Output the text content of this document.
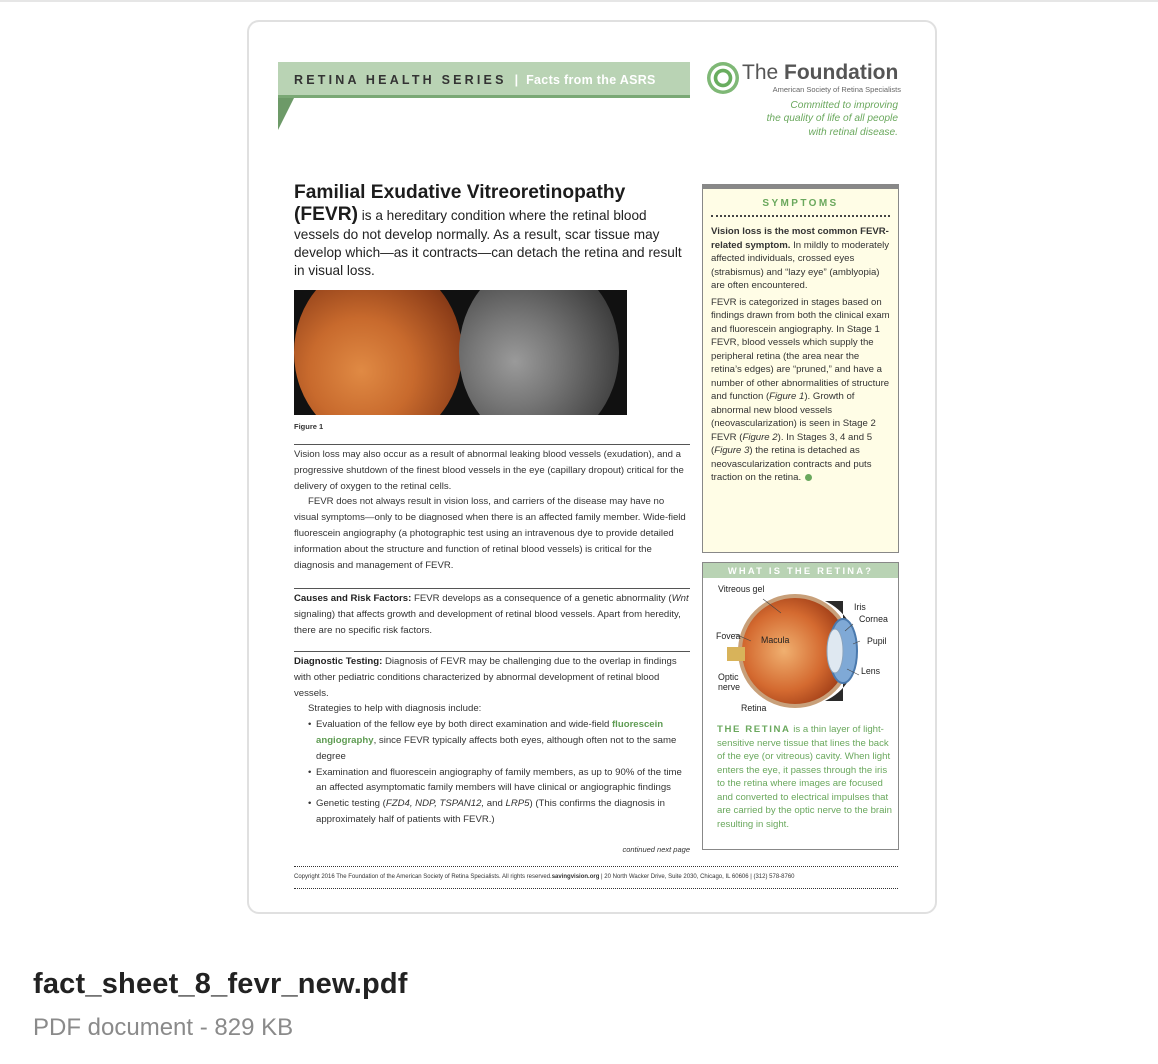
RETINA HEALTH SERIES | Facts from the ASRS	The Foundation
American Society of Retina Specialists
Committed to improving
the quality of life of all people
with retinal disease.

Familial Exudative Vitreoretinopathy
(FEVR) is a hereditary condition where the retinal blood vessels do not develop normally. As a result, scar tissue may develop which—as it contracts—can detach the retina and result in visual loss.

Figure 1

Vision loss may also occur as a result of abnormal leaking blood vessels (exudation), and a progressive shutdown of the finest blood vessels in the eye (capillary dropout) critical for the delivery of oxygen to the retinal cells.

FEVR does not always result in vision loss, and carriers of the disease may have no visual symptoms—only to be diagnosed when there is an affected family member. Wide-field fluorescein angiography (a photographic test using an intravenous dye to provide detailed information about the structure and function of retinal blood vessels) is critical for the diagnosis and management of FEVR.

Causes and Risk Factors: FEVR develops as a consequence of a genetic abnormality (Wnt signaling) that affects growth and development of retinal blood vessels. Apart from heredity, there are no specific risk factors.

Diagnostic Testing: Diagnosis of FEVR may be challenging due to the overlap in findings with other pediatric conditions characterized by abnormal development of retinal blood vessels.

Strategies to help with diagnosis include:

• Evaluation of the fellow eye by both direct examination and wide-field fluorescein angiography, since FEVR typically affects both eyes, although often not to the same degree
• Examination and fluorescein angiography of family members, as up to 90% of the time an affected asymptomatic family members will have clinical or angiographic findings
• Genetic testing (FZD4, NDP, TSPAN12, and LRP5) (This confirms the diagnosis in approximately half of patients with FEVR.)
continued next page
SYMPTOMS

Vision loss is the most common FEVR-related symptom. In mildly to moderately affected individuals, crossed eyes (strabismus) and “lazy eye” (amblyopia) are often encountered.

FEVR is categorized in stages based on findings drawn from both the clinical exam and fluorescein angiography. In Stage 1 FEVR, blood vessels which supply the peripheral retina (the area near the retina’s edges) are “pruned,” and have a number of other abnormalities of structure and function (Figure 1). Growth of abnormal new blood vessels (neovascularization) is seen in Stage 2 FEVR (Figure 2). In Stages 3, 4 and 5 (Figure 3) the retina is detached as neovascularization contracts and puts traction on the retina.

WHAT IS THE RETINA?
Vitreous gel
Iris
Cornea
Fovea Macula	Pupil
Lens
Optic
nerve
Retina
THE RETINA is a thin layer of light-sensitive nerve tissue that lines the back of the eye (or vitreous) cavity. When light enters the eye, it passes through the iris to the retina where images are focused and converted to electrical impulses that are carried by the optic nerve to the brain resulting in sight.
Copyright 2016 The Foundation of the American Society of Retina Specialists. All rights reserved.savingvision.org | 20 North Wacker Drive, Suite 2030, Chicago, IL 60606 | (312) 578-8760
fact_sheet_8_fevr_new.pdf
PDF document - 829 KB
